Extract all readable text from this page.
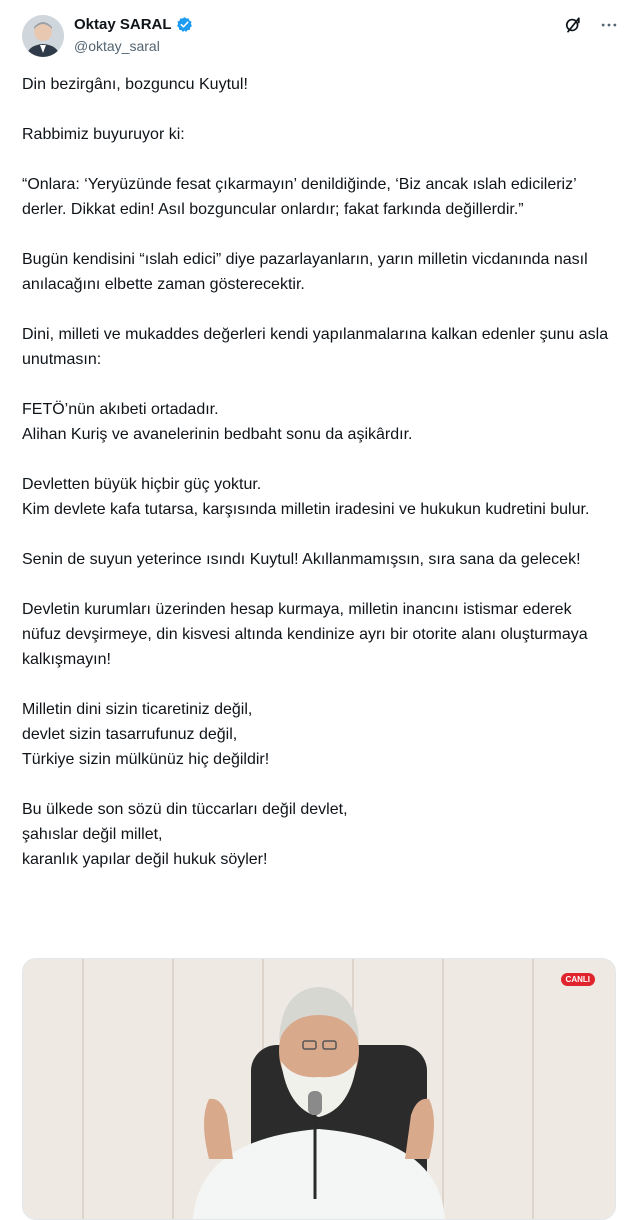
Oktay SARAL
@oktay_saral

Din bezirgânı, bozguncu Kuytul!

Rabbimiz buyuruyor ki:

“Onlara: ‘Yeryüzünde fesat çıkarmayın’ denildiğinde, ‘Biz ancak ıslah edicileriz’ derler. Dikkat edin! Asıl bozguncular onlardır; fakat farkında değillerdir.”

Bugün kendisini “ıslah edici” diye pazarlayanların, yarın milletin vicdanında nasıl anılacağını elbette zaman gösterecektir.

Dini, milleti ve mukaddes değerleri kendi yapılanmalarına kalkan edenler şunu asla unutmasın:

FETÖ’nün akıbeti ortadadır.
Alihan Kuriş ve avanelerinin bedbaht sonu da aşikârdır.

Devletten büyük hiçbir güç yoktur.
Kim devlete kafa tutarsa, karşısında milletin iradesini ve hukukun kudretini bulur.

Senin de suyun yeterince ısındı Kuytul! Akıllanmamışsın, sıra sana da gelecek!

Devletin kurumları üzerinden hesap kurmaya, milletin inancını istismar ederek nüfuz devşirmeye, din kisvesi altında kendinize ayrı bir otorite alanı oluşturmaya kalkışmayın!

Milletin dini sizin ticaretiniz değil,
devlet sizin tasarrufunuz değil,
Türkiye sizin mülkünüz hiç değildir!

Bu ülkede son sözü din tüccarları değil devlet,
şahıslar değil millet,
karanlık yapılar değil hukuk söyler!

CANLI
